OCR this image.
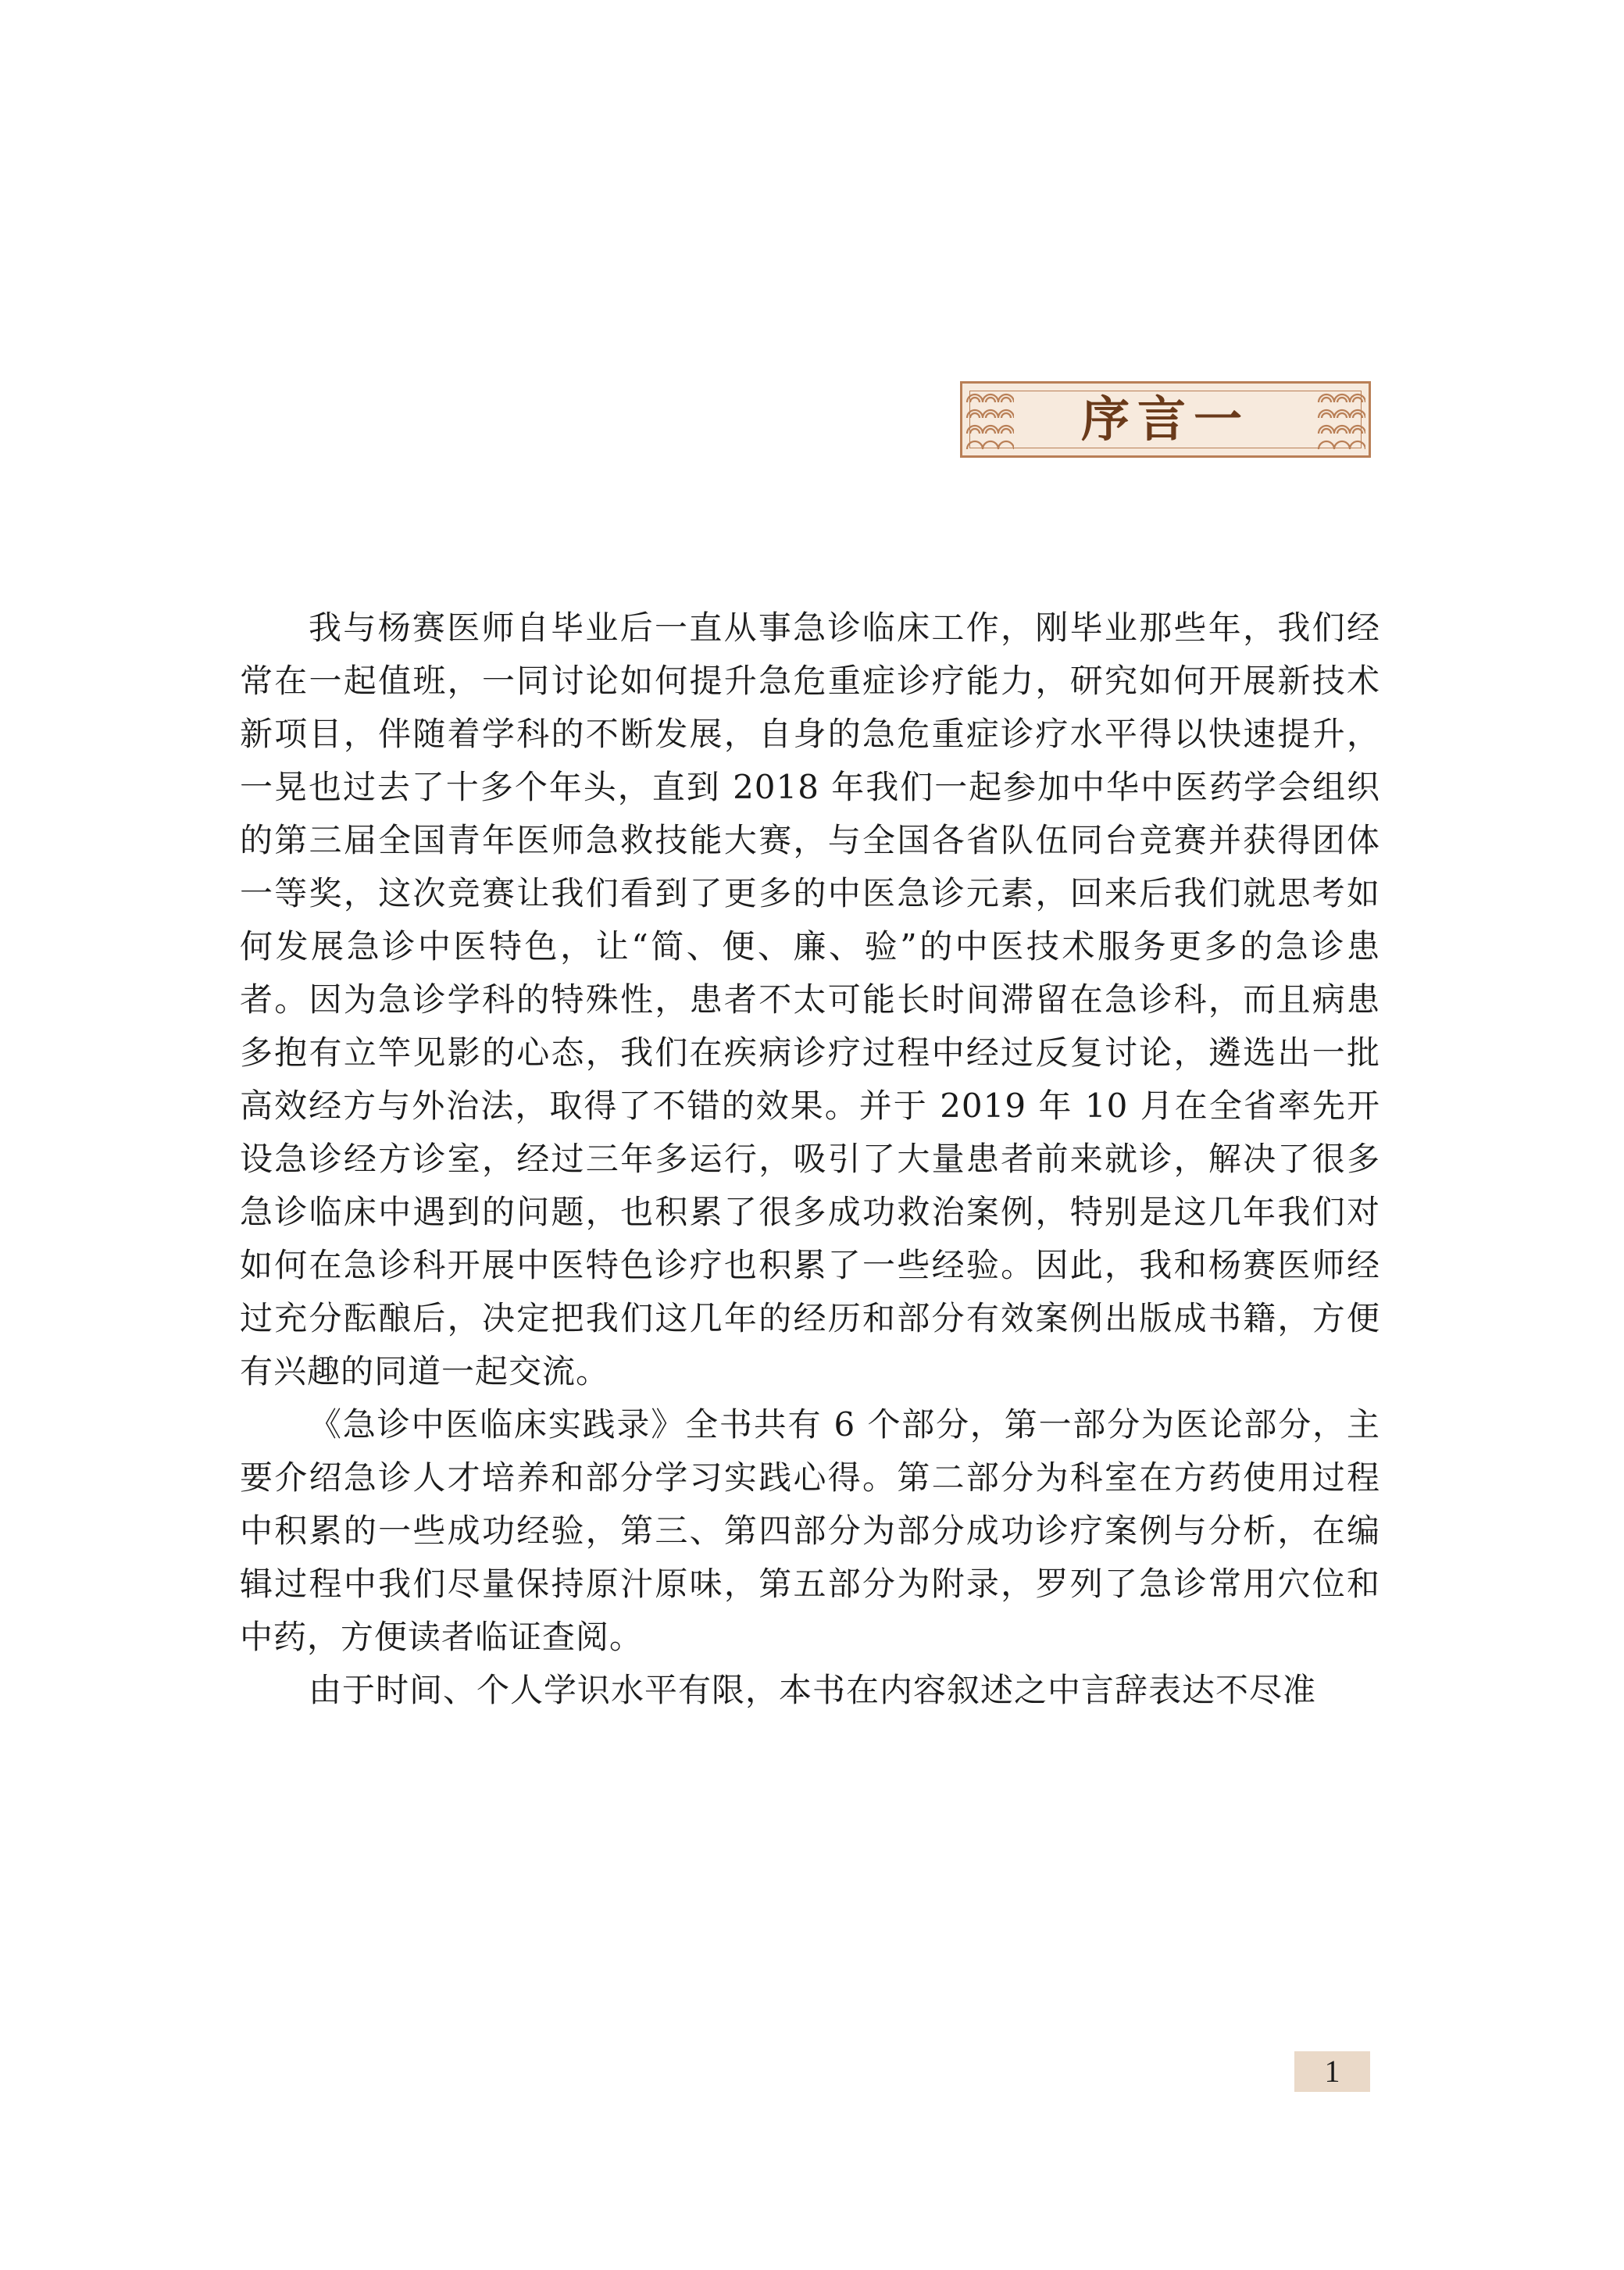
序言一

我与杨赛医师自毕业后一直从事急诊临床工作，刚毕业那些年，我们经常在一起值班，一同讨论如何提升急危重症诊疗能力，研究如何开展新技术新项目，伴随着学科的不断发展，自身的急危重症诊疗水平得以快速提升，一晃也过去了十多个年头，直到 2018 年我们一起参加中华中医药学会组织的第三届全国青年医师急救技能大赛，与全国各省队伍同台竞赛并获得团体一等奖，这次竞赛让我们看到了更多的中医急诊元素，回来后我们就思考如何发展急诊中医特色，让“简、便、廉、验”的中医技术服务更多的急诊患者。因为急诊学科的特殊性，患者不太可能长时间滞留在急诊科，而且病患多抱有立竿见影的心态，我们在疾病诊疗过程中经过反复讨论，遴选出一批高效经方与外治法，取得了不错的效果。并于 2019 年 10 月在全省率先开设急诊经方诊室，经过三年多运行，吸引了大量患者前来就诊，解决了很多急诊临床中遇到的问题，也积累了很多成功救治案例，特别是这几年我们对如何在急诊科开展中医特色诊疗也积累了一些经验。因此，我和杨赛医师经过充分酝酿后，决定把我们这几年的经历和部分有效案例出版成书籍，方便有兴趣的同道一起交流。

《急诊中医临床实践录》全书共有 6 个部分，第一部分为医论部分，主要介绍急诊人才培养和部分学习实践心得。第二部分为科室在方药使用过程中积累的一些成功经验，第三、第四部分为部分成功诊疗案例与分析，在编辑过程中我们尽量保持原汁原味，第五部分为附录，罗列了急诊常用穴位和中药，方便读者临证查阅。

由于时间、个人学识水平有限，本书在内容叙述之中言辞表达不尽准

1
